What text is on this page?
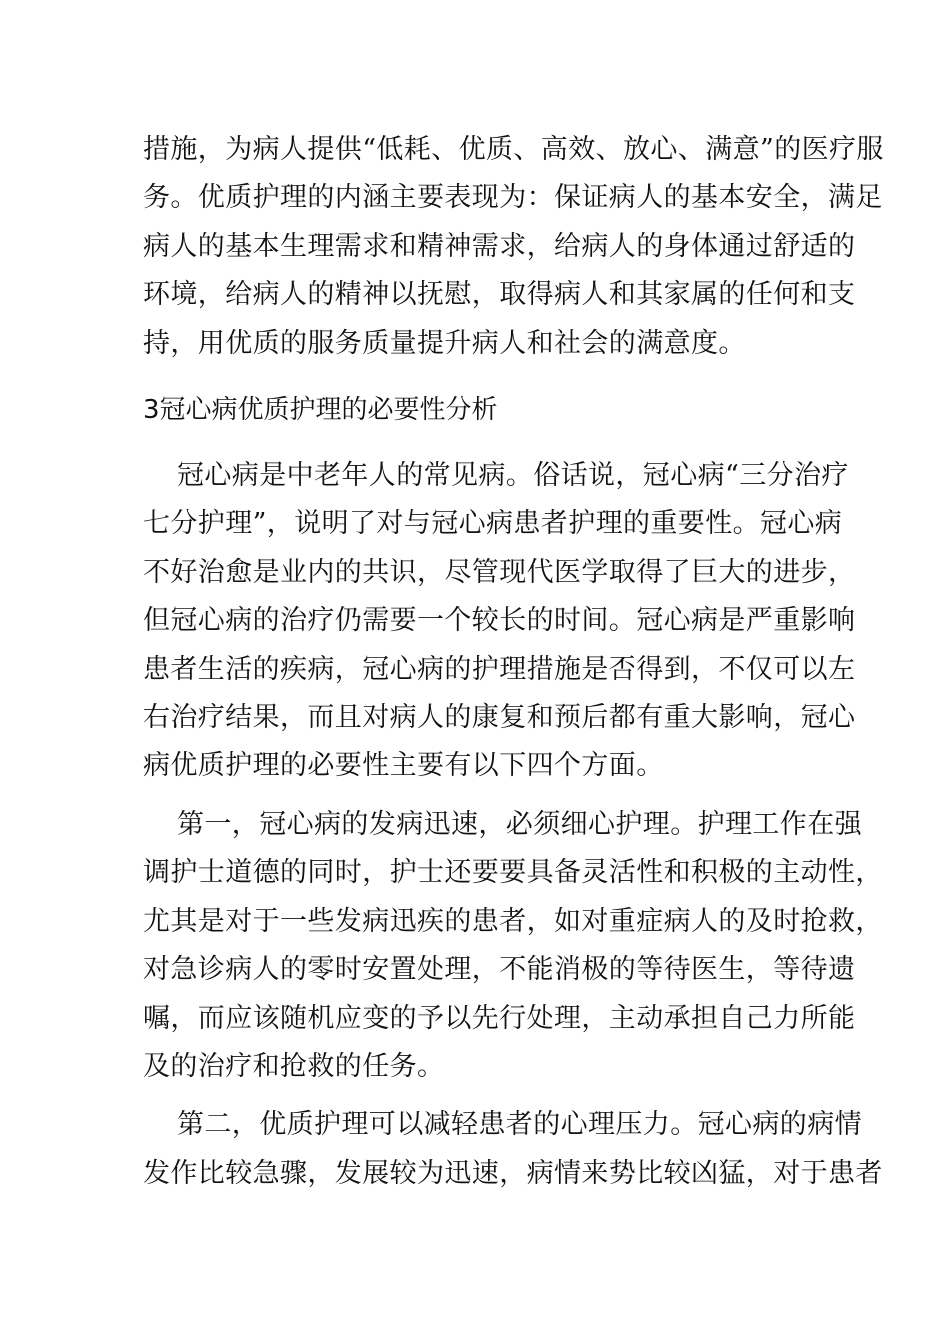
措施，为病人提供“低耗、优质、高效、放心、满意”的医疗服

务。优质护理的内涵主要表现为：保证病人的基本安全，满足

病人的基本生理需求和精神需求，给病人的身体通过舒适的

环境，给病人的精神以抚慰，取得病人和其家属的任何和支

持，用优质的服务质量提升病人和社会的满意度。

3冠心病优质护理的必要性分析

冠心病是中老年人的常见病。俗话说，冠心病“三分治疗

七分护理”，说明了对与冠心病患者护理的重要性。冠心病

不好治愈是业内的共识，尽管现代医学取得了巨大的进步，

但冠心病的治疗仍需要一个较长的时间。冠心病是严重影响

患者生活的疾病，冠心病的护理措施是否得到，不仅可以左

右治疗结果，而且对病人的康复和预后都有重大影响，冠心

病优质护理的必要性主要有以下四个方面。

第一，冠心病的发病迅速，必须细心护理。护理工作在强

调护士道德的同时，护士还要要具备灵活性和积极的主动性，

尤其是对于一些发病迅疾的患者，如对重症病人的及时抢救，

对急诊病人的零时安置处理，不能消极的等待医生，等待遗

嘱，而应该随机应变的予以先行处理，主动承担自己力所能

及的治疗和抢救的任务。

第二，优质护理可以减轻患者的心理压力。冠心病的病情

发作比较急骤，发展较为迅速，病情来势比较凶猛，对于患者
